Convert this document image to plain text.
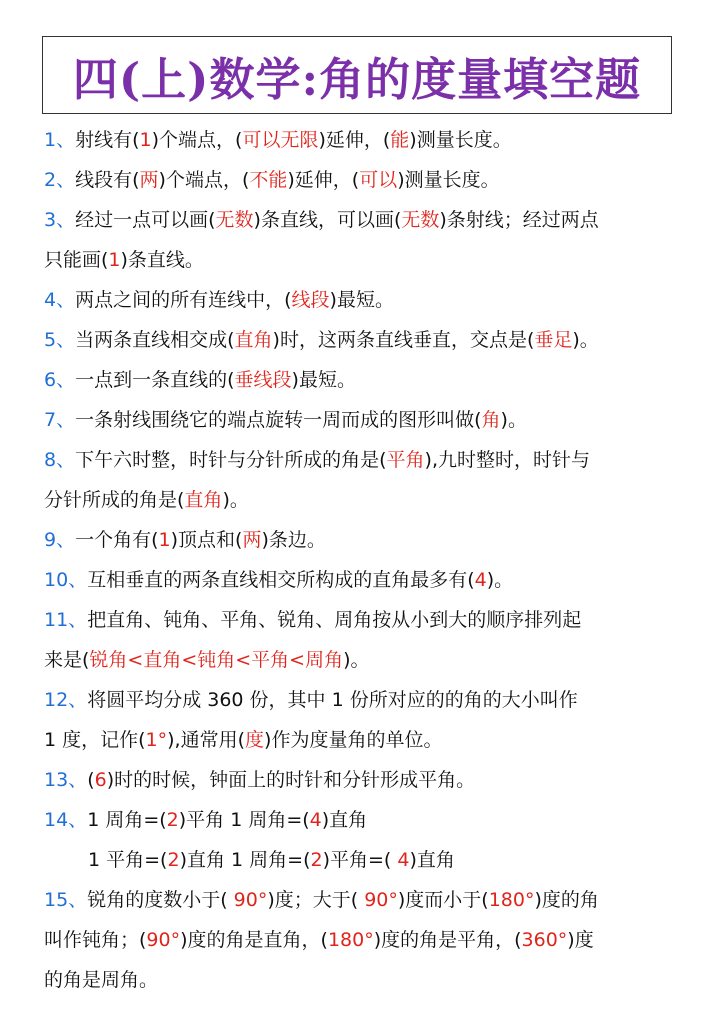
四(上)数学:角的度量填空题
1、射线有(1)个端点，(可以无限)延伸，(能)测量长度。
2、线段有(两)个端点，(不能)延伸，(可以)测量长度。
3、经过一点可以画(无数)条直线，可以画(无数)条射线；经过两点
只能画(1)条直线。
4、两点之间的所有连线中，(线段)最短。
5、当两条直线相交成(直角)时，这两条直线垂直，交点是(垂足)。
6、一点到一条直线的(垂线段)最短。
7、一条射线围绕它的端点旋转一周而成的图形叫做(角)。
8、下午六时整，时针与分针所成的角是(平角),九时整时，时针与
分针所成的角是(直角)。
9、一个角有(1)顶点和(两)条边。
10、互相垂直的两条直线相交所构成的直角最多有(4)。
11、把直角、钝角、平角、锐角、周角按从小到大的顺序排列起
来是(锐角<直角<钝角<平角<周角)。
12、将圆平均分成 360 份，其中 1 份所对应的的角的大小叫作
1 度，记作(1°),通常用(度)作为度量角的单位。
13、(6)时的时候，钟面上的时针和分针形成平角。
14、1 周角=(2)平角 1 周角=(4)直角
1 平角=(2)直角 1 周角=(2)平角=( 4)直角
15、锐角的度数小于( 90°)度；大于( 90°)度而小于(180°)度的角
叫作钝角；(90°)度的角是直角，(180°)度的角是平角，(360°)度
的角是周角。
